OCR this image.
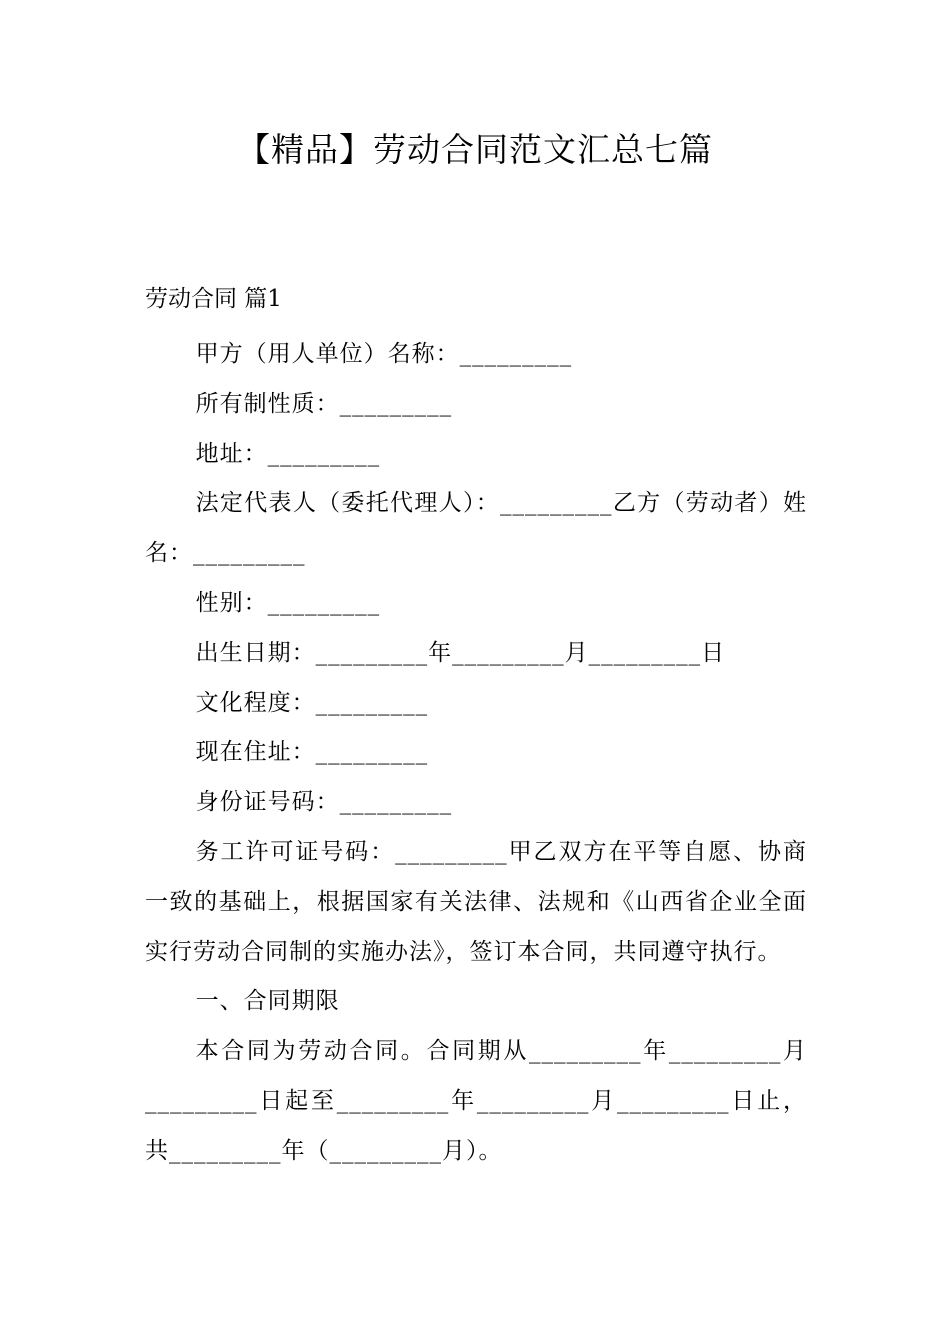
【精品】劳动合同范文汇总七篇
劳动合同 篇1

甲方（用人单位）名称：_________

所有制性质：_________

地址：_________

法定代表人（委托代理人）：_________乙方（劳动者）姓名：_________

性别：_________

出生日期：_________年_________月_________日

文化程度：_________

现在住址：_________

身份证号码：_________

务工许可证号码：_________甲乙双方在平等自愿、协商一致的基础上，根据国家有关法律、法规和《山西省企业全面实行劳动合同制的实施办法》，签订本合同，共同遵守执行。

一、合同期限

本合同为劳动合同。合同期从_________年_________月_________日起至_________年_________月_________日止，共_________年（_________月）。
